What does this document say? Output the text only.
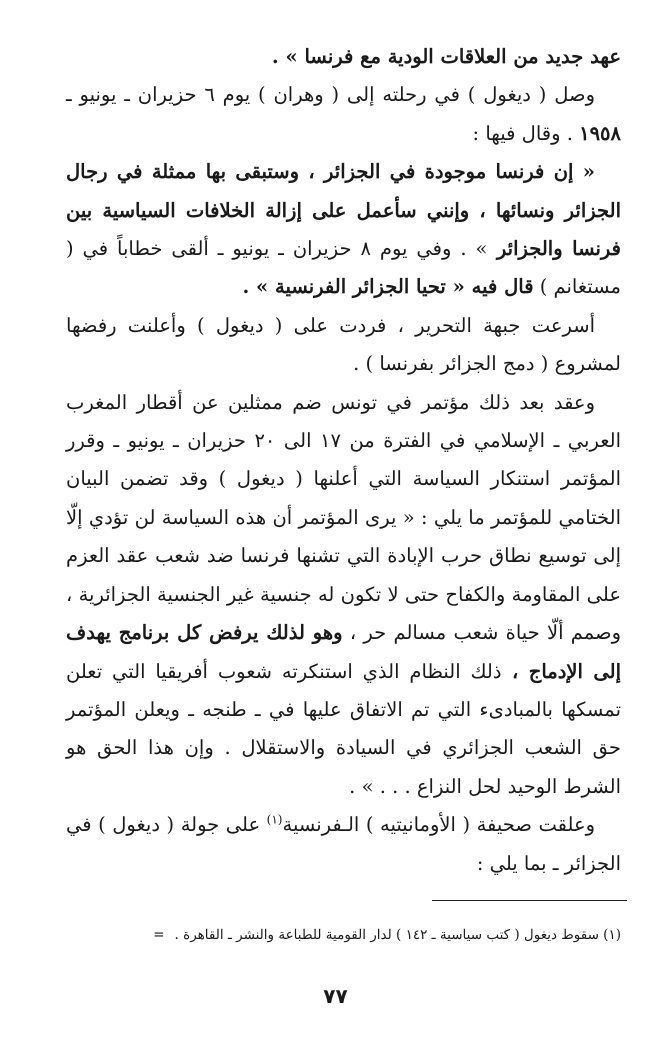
عهد جديد من العلاقات الودية مع فرنسا » .

وصل ( ديغول ) في رحلته إلى ( وهران ) يوم ٦ حزيران ـ يونيو ـ ١٩٥٨ . وقال فيها :

« إن فرنسا موجودة في الجزائر ، وستبقى بها ممثلة في رجال الجزائر ونسائها ، وإنني سأعمل على إزالة الخلافات السياسية بين فرنسا والجزائر » . وفي يوم ٨ حزيران ـ يونيو ـ ألقى خطاباً في ( مستغانم ) قال فيه « تحيا الجزائر الفرنسية » .

أسرعت جبهة التحرير ، فردت على ( ديغول ) وأعلنت رفضها لمشروع ( دمج الجزائر بفرنسا ) .

وعقد بعد ذلك مؤتمر في تونس ضم ممثلين عن أقطار المغرب العربي ـ الإسلامي في الفترة من ١٧ الى ٢٠ حزيران ـ يونيو ـ وقرر المؤتمر استنكار السياسة التي أعلنها ( ديغول ) وقد تضمن البيان الختامي للمؤتمر ما يلي : « يرى المؤتمر أن هذه السياسة لن تؤدي إلّا إلى توسيع نطاق حرب الإبادة التي تشنها فرنسا ضد شعب عقد العزم على المقاومة والكفاح حتى لا تكون له جنسية غير الجنسية الجزائرية ، وصمم ألّا حياة شعب مسالم حر ، وهو لذلك يرفض كل برنامج يهدف إلى الإدماج ، ذلك النظام الذي استنكرته شعوب أفريقيا التي تعلن تمسكها بالمبادىء التي تم الاتفاق عليها في ـ طنجه ـ ويعلن المؤتمر حق الشعب الجزائري في السيادة والاستقلال . وإن هذا الحق هو الشرط الوحيد لحل النزاع . . . » .

وعلقت صحيفة ( الأومانيتيه ) الـفرنسية$^{(١)}$ على جولة ( ديغول ) في الجزائر ـ بما يلي :

(١) سقوط ديغول ( كتب سياسية ـ ١٤٢ ) لدار القومية للطباعة والنشر ـ القاهرة .=
٧٧
